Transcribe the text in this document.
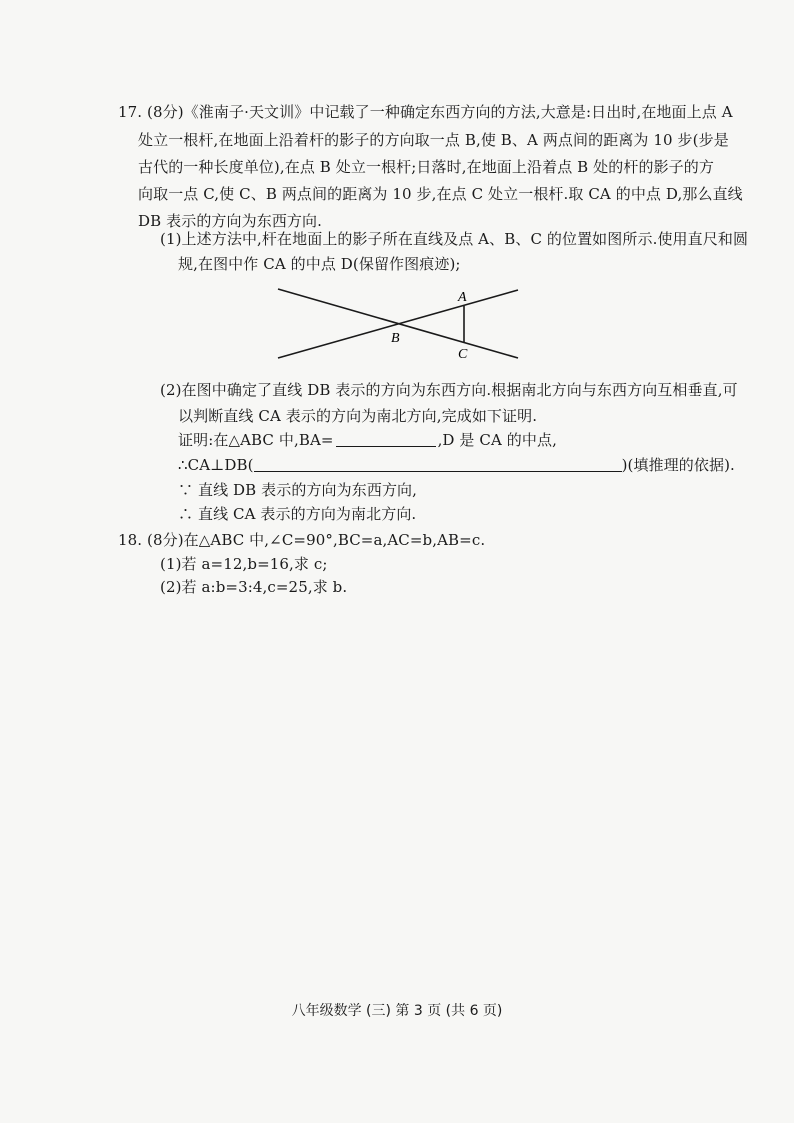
17. (8分)《淮南子·天文训》中记载了一种确定东西方向的方法,大意是:日出时,在地面上点 A
处立一根杆,在地面上沿着杆的影子的方向取一点 B,使 B、A 两点间的距离为 10 步(步是
古代的一种长度单位),在点 B 处立一根杆;日落时,在地面上沿着点 B 处的杆的影子的方
向取一点 C,使 C、B 两点间的距离为 10 步,在点 C 处立一根杆.取 CA 的中点 D,那么直线
DB 表示的方向为东西方向.
(1)上述方法中,杆在地面上的影子所在直线及点 A、B、C 的位置如图所示.使用直尺和圆
规,在图中作 CA 的中点 D(保留作图痕迹);
A
B
C
(2)在图中确定了直线 DB 表示的方向为东西方向.根据南北方向与东西方向互相垂直,可
以判断直线 CA 表示的方向为南北方向,完成如下证明.
证明:在△ABC 中,BA=	,D 是 CA 的中点,
∴CA⊥DB(	)(填推理的依据).
∵ 直线 DB 表示的方向为东西方向,
∴ 直线 CA 表示的方向为南北方向.
18. (8分)在△ABC 中,∠C=90°,BC=a,AC=b,AB=c.
(1)若 a=12,b=16,求 c;
(2)若 a:b=3:4,c=25,求 b.
八年级数学 (三) 第 3 页 (共 6 页)
